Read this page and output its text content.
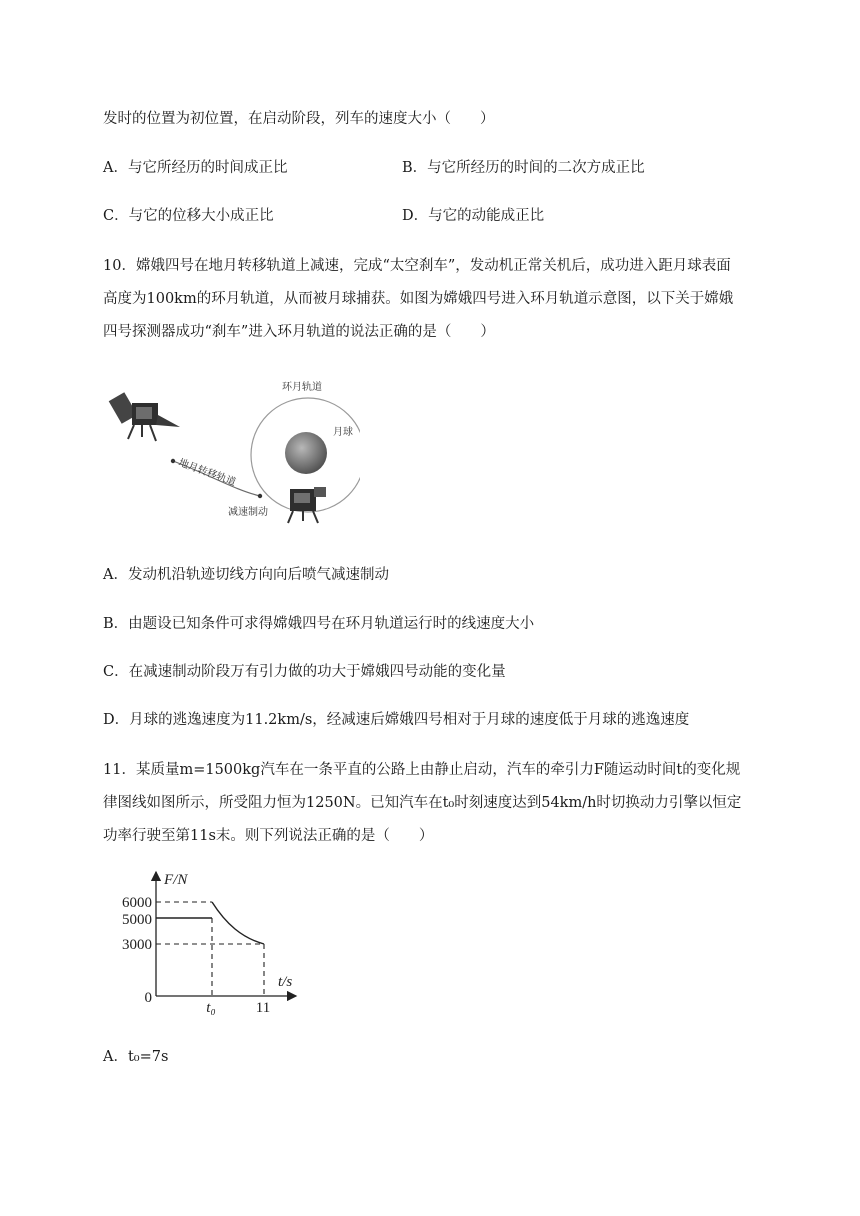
发时的位置为初位置，在启动阶段，列车的速度大小（　　）
A．与它所经历的时间成正比	B．与它所经历的时间的二次方成正比
C．与它的位移大小成正比	D．与它的动能成正比
10．嫦娥四号在地月转移轨道上减速，完成“太空刹车”，发动机正常关机后，成功进入距月球表面
高度为100km的环月轨道，从而被月球捕获。如图为嫦娥四号进入环月轨道示意图，以下关于嫦娥
四号探测器成功“刹车”进入环月轨道的说法正确的是（　　）
环月轨道
月球
地月转移轨道
减速制动
A．发动机沿轨迹切线方向向后喷气减速制动
B．由题设已知条件可求得嫦娥四号在环月轨道运行时的线速度大小
C．在减速制动阶段万有引力做的功大于嫦娥四号动能的变化量
D．月球的逃逸速度为11.2km/s，经减速后嫦娥四号相对于月球的速度低于月球的逃逸速度
11．某质量m=1500kg汽车在一条平直的公路上由静止启动，汽车的牵引力F随运动时间t的变化规
律图线如图所示，所受阻力恒为1250N。已知汽车在t₀时刻速度达到54km/h时切换动力引擎以恒定
功率行驶至第11s末。则下列说法正确的是（　　）
F/N
t/s
6000
5000
3000
0
t₀	11
A．t₀=7s
